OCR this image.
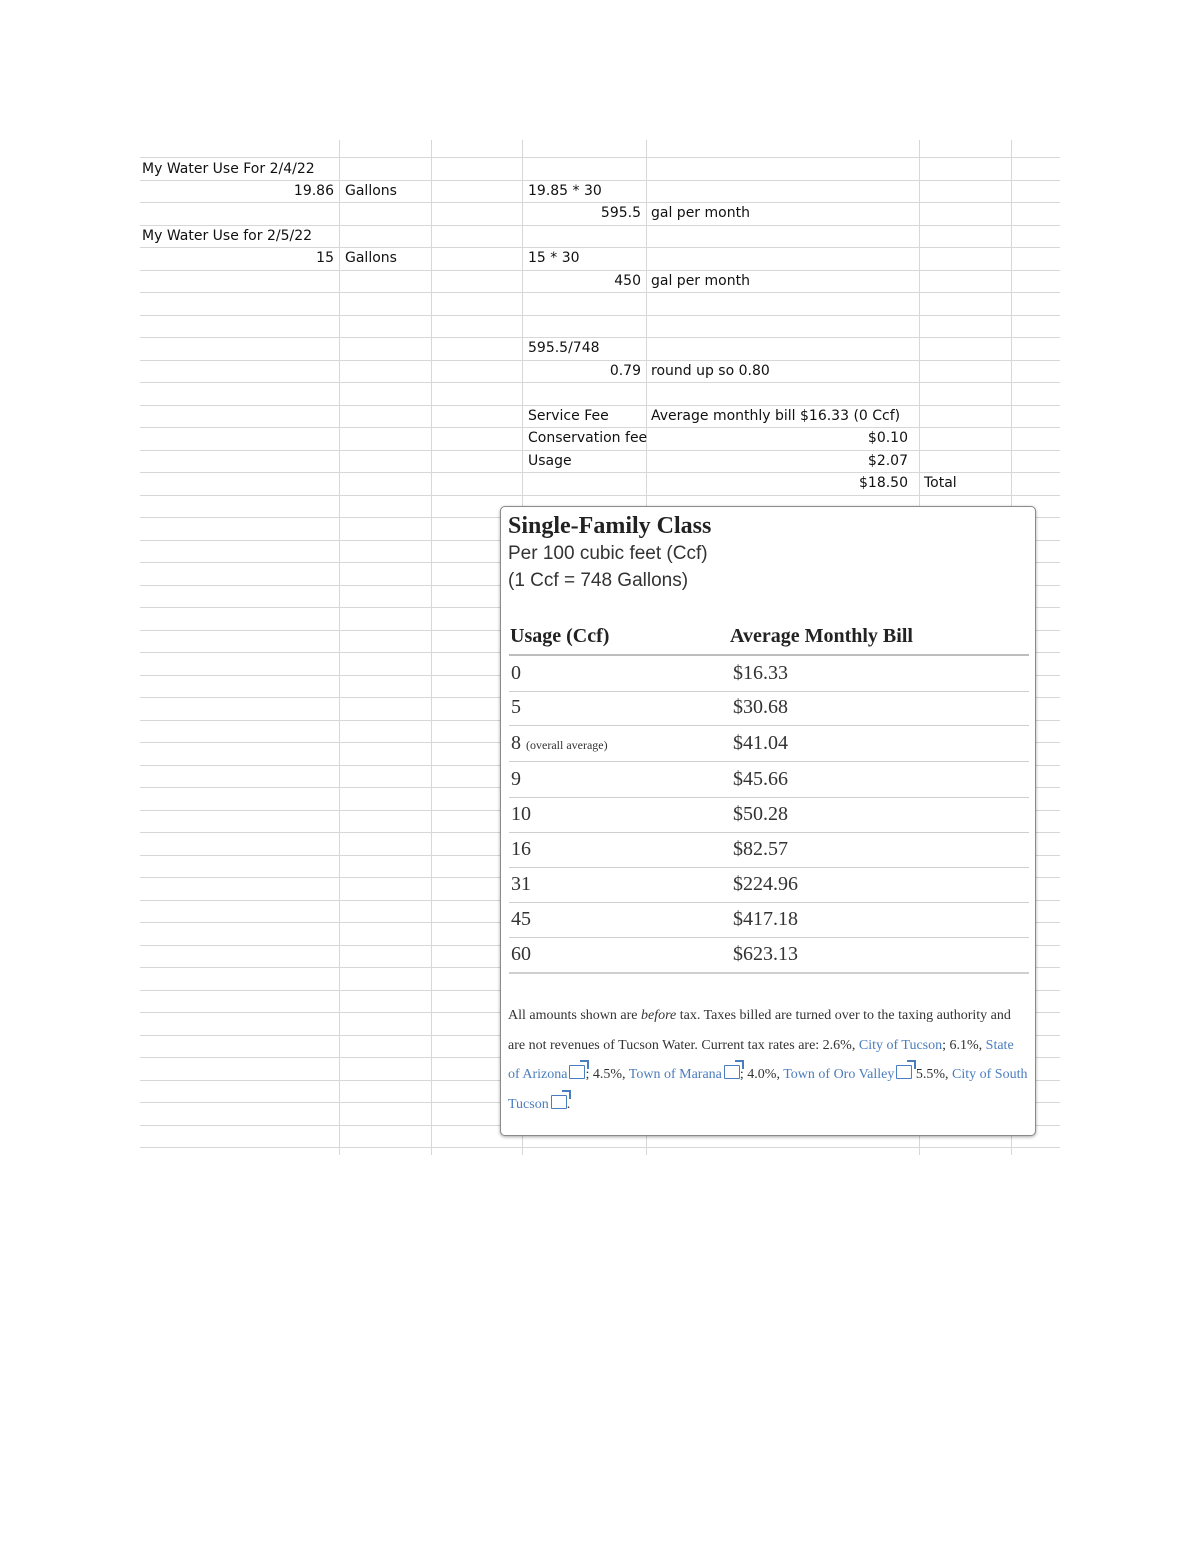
My Water Use For 2/4/22
19.86 Gallons	19.85 * 30
595.5 gal per month
My Water Use for 2/5/22
15 Gallons	15 * 30
450 gal per month
595.5/748
0.79 round up so 0.80
Service Fee	Average monthly bill $16.33 (0 Ccf)
Conservation fee	$0.10
Usage	$2.07
$18.50 Total
Single-Family Class
Per 100 cubic feet (Ccf)
(1 Ccf = 748 Gallons)
Usage (Ccf)	Average Monthly Bill
0	$16.33
5	$30.68
8 (overall average)	$41.04
9	$45.66
10	$50.28
16	$82.57
31	$224.96
45	$417.18
60	$623.13
All amounts shown are before tax. Taxes billed are turned over to the taxing authority and are not revenues of Tucson Water. Current tax rates are: 2.6%, City of Tucson; 6.1%, State of Arizona ; 4.5%, Town of Marana ; 4.0%, Town of Oro Valley 5.5%, City of South Tucson .
